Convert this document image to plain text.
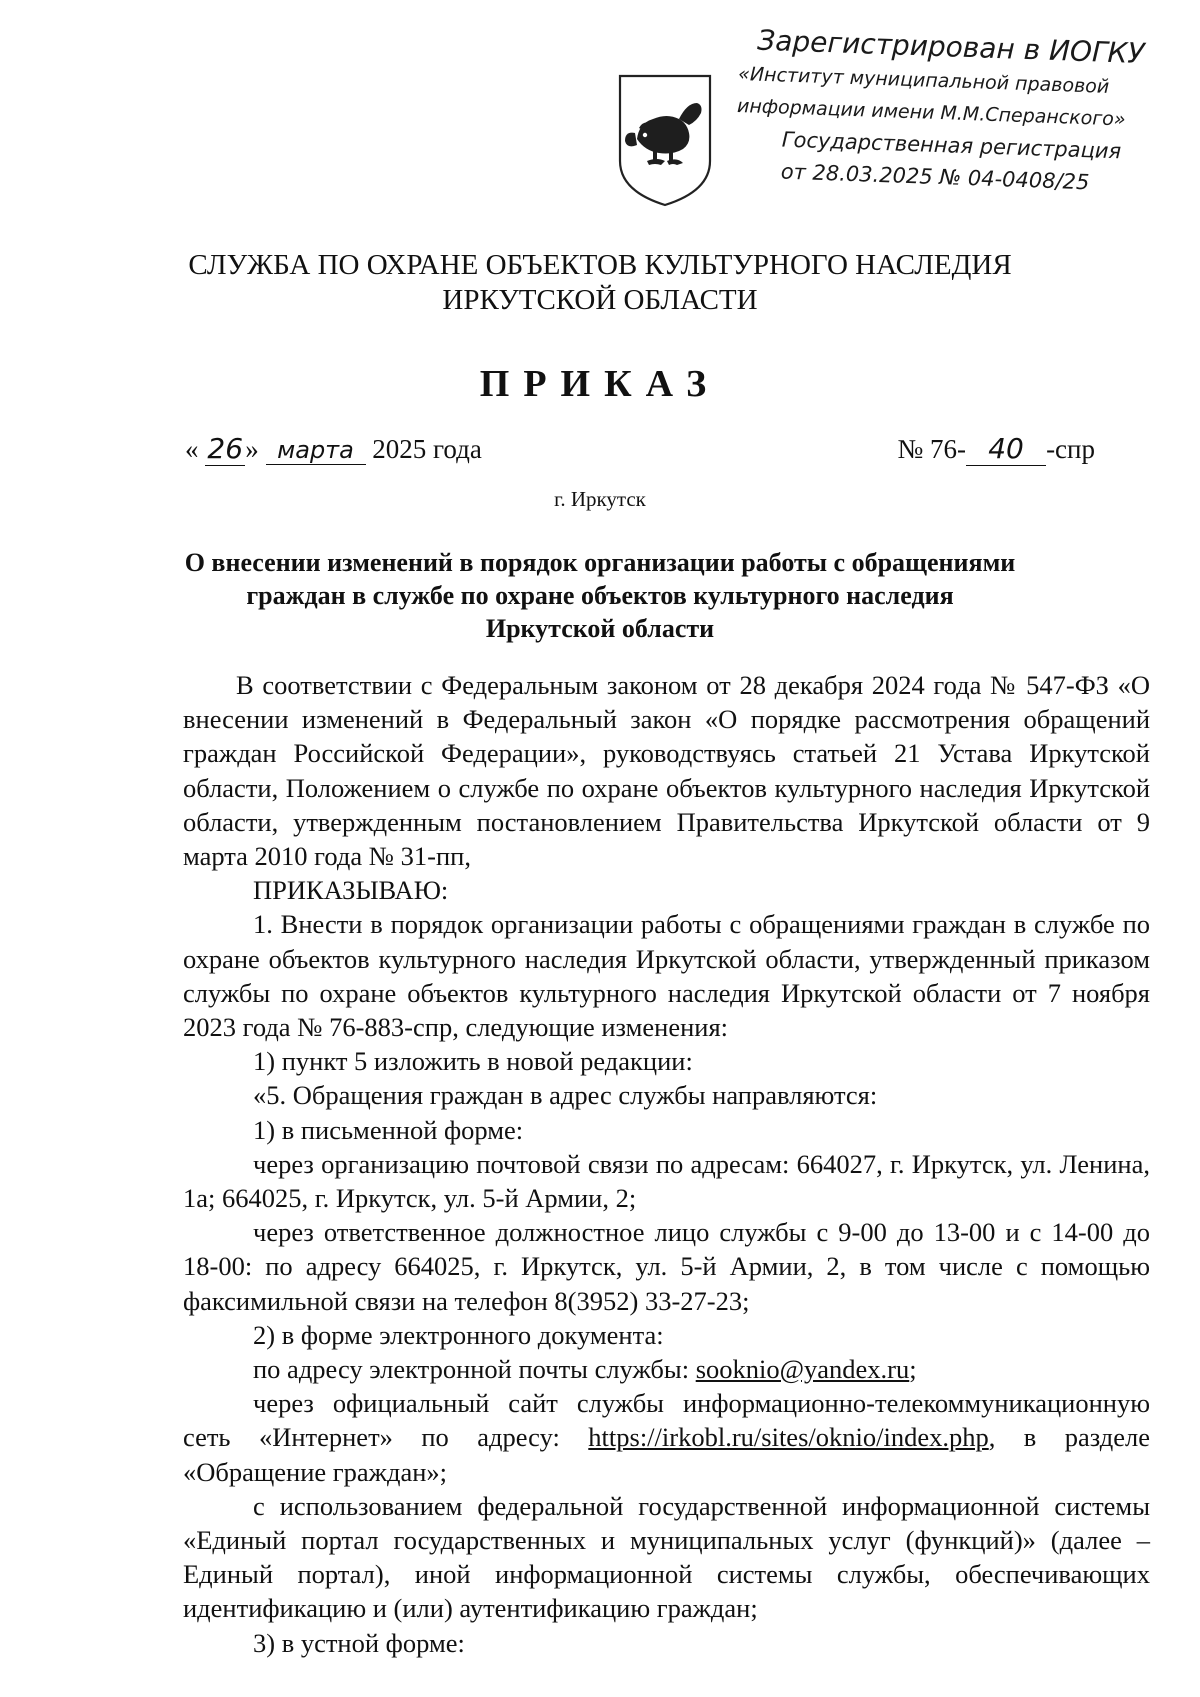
Зарегистрирован в ИОГКУ
«Институт муниципальной правовой
информации имени М.М.Сперанского»
Государственная регистрация
от 28.03.2025 № 04-0408/25
СЛУЖБА ПО ОХРАНЕ ОБЪЕКТОВ КУЛЬТУРНОГО НАСЛЕДИЯ
ИРКУТСКОЙ ОБЛАСТИ
ПРИКАЗ
« 26» марта 2025 года	№ 76- 40 -спр
г. Иркутск
О внесении изменений в порядок организации работы с обращениями
граждан в службе по охране объектов культурного наследия
Иркутской области

В соответствии с Федеральным законом от 28 декабря 2024 года № 547-ФЗ «О внесении изменений в Федеральный закон «О порядке рассмотрения обращений граждан Российской Федерации», руководствуясь статьей 21 Устава Иркутской области, Положением о службе по охране объектов культурного наследия Иркутской области, утвержденным постановлением Правительства Иркутской области от 9 марта 2010 года № 31-пп,

ПРИКАЗЫВАЮ:

1. Внести в порядок организации работы с обращениями граждан в службе по охране объектов культурного наследия Иркутской области, утвержденный приказом службы по охране объектов культурного наследия Иркутской области от 7 ноября 2023 года № 76-883-спр, следующие изменения:

1) пункт 5 изложить в новой редакции:

«5. Обращения граждан в адрес службы направляются:

1) в письменной форме:

через организацию почтовой связи по адресам: 664027, г. Иркутск, ул. Ленина, 1а; 664025, г. Иркутск, ул. 5-й Армии, 2;

через ответственное должностное лицо службы с 9-00 до 13-00 и с 14-00 до 18-00: по адресу 664025, г. Иркутск, ул. 5-й Армии, 2, в том числе с помощью факсимильной связи на телефон 8(3952) 33-27-23;

2) в форме электронного документа:

по адресу электронной почты службы: sooknio@yandex.ru;

через официальный сайт службы информационно-телекоммуникационную сеть «Интернет» по адресу: https://irkobl.ru/sites/oknio/index.php, в разделе «Обращение граждан»;

с использованием федеральной государственной информационной системы «Единый портал государственных и муниципальных услуг (функций)» (далее – Единый портал), иной информационной системы службы, обеспечивающих идентификацию и (или) аутентификацию граждан;

3) в устной форме:
